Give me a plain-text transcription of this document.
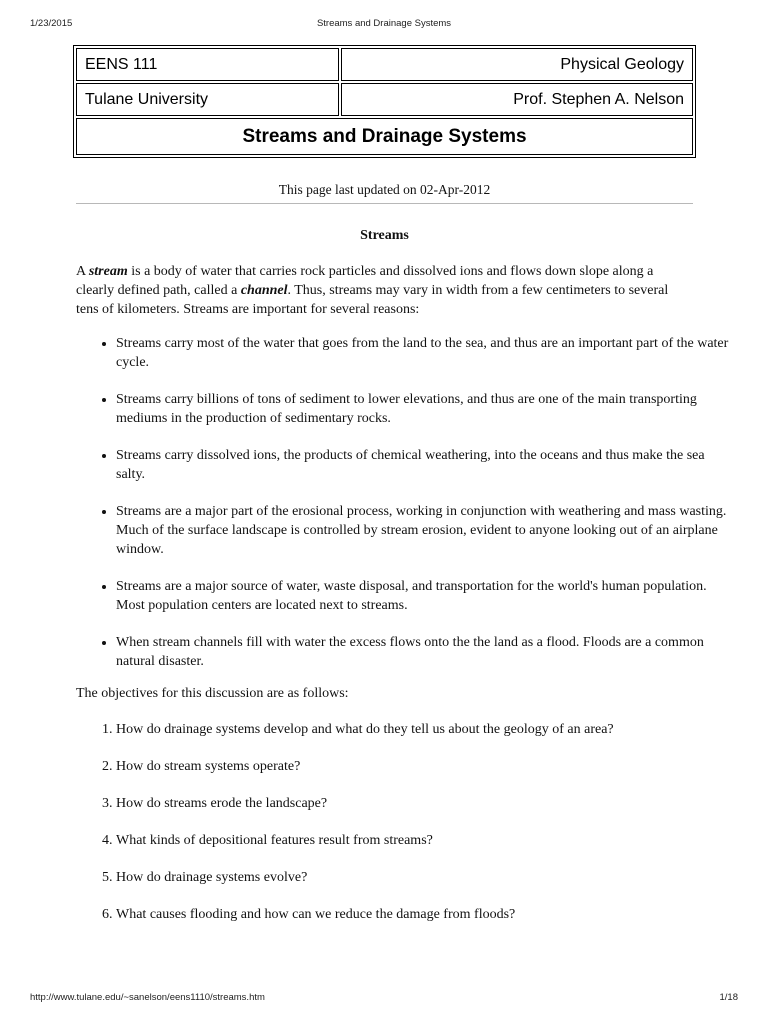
Streams and Drainage Systems
1/23/2015
EENS 111	Physical Geology
Tulane University	Prof. Stephen A. Nelson
Streams and Drainage Systems	
This page last updated on 02-Apr-2012
Streams

A stream is a body of water that carries rock particles and dissolved ions and flows down slope along a clearly defined path, called a channel. Thus, streams may vary in width from a few centimeters to several tens of kilometers. Streams are important for several reasons:

• Streams carry most of the water that goes from the land to the sea, and thus are an important part of the water cycle.
• Streams carry billions of tons of sediment to lower elevations, and thus are one of the main transporting mediums in the production of sedimentary rocks.
• Streams carry dissolved ions, the products of chemical weathering, into the oceans and thus make the sea salty.
• Streams are a major part of the erosional process, working in conjunction with weathering and mass wasting. Much of the surface landscape is controlled by stream erosion, evident to anyone looking out of an airplane window.
• Streams are a major source of water, waste disposal, and transportation for the world's human population. Most population centers are located next to streams.
• When stream channels fill with water the excess flows onto the the land as a flood. Floods are a common natural disaster.

The objectives for this discussion are as follows:

1. How do drainage systems develop and what do they tell us about the geology of an area?
2. How do stream systems operate?
3. How do streams erode the landscape?
4. What kinds of depositional features result from streams?
5. How do drainage systems evolve?
6. What causes flooding and how can we reduce the damage from floods?
http://www.tulane.edu/~sanelson/eens1110/streams.htm	1/18
